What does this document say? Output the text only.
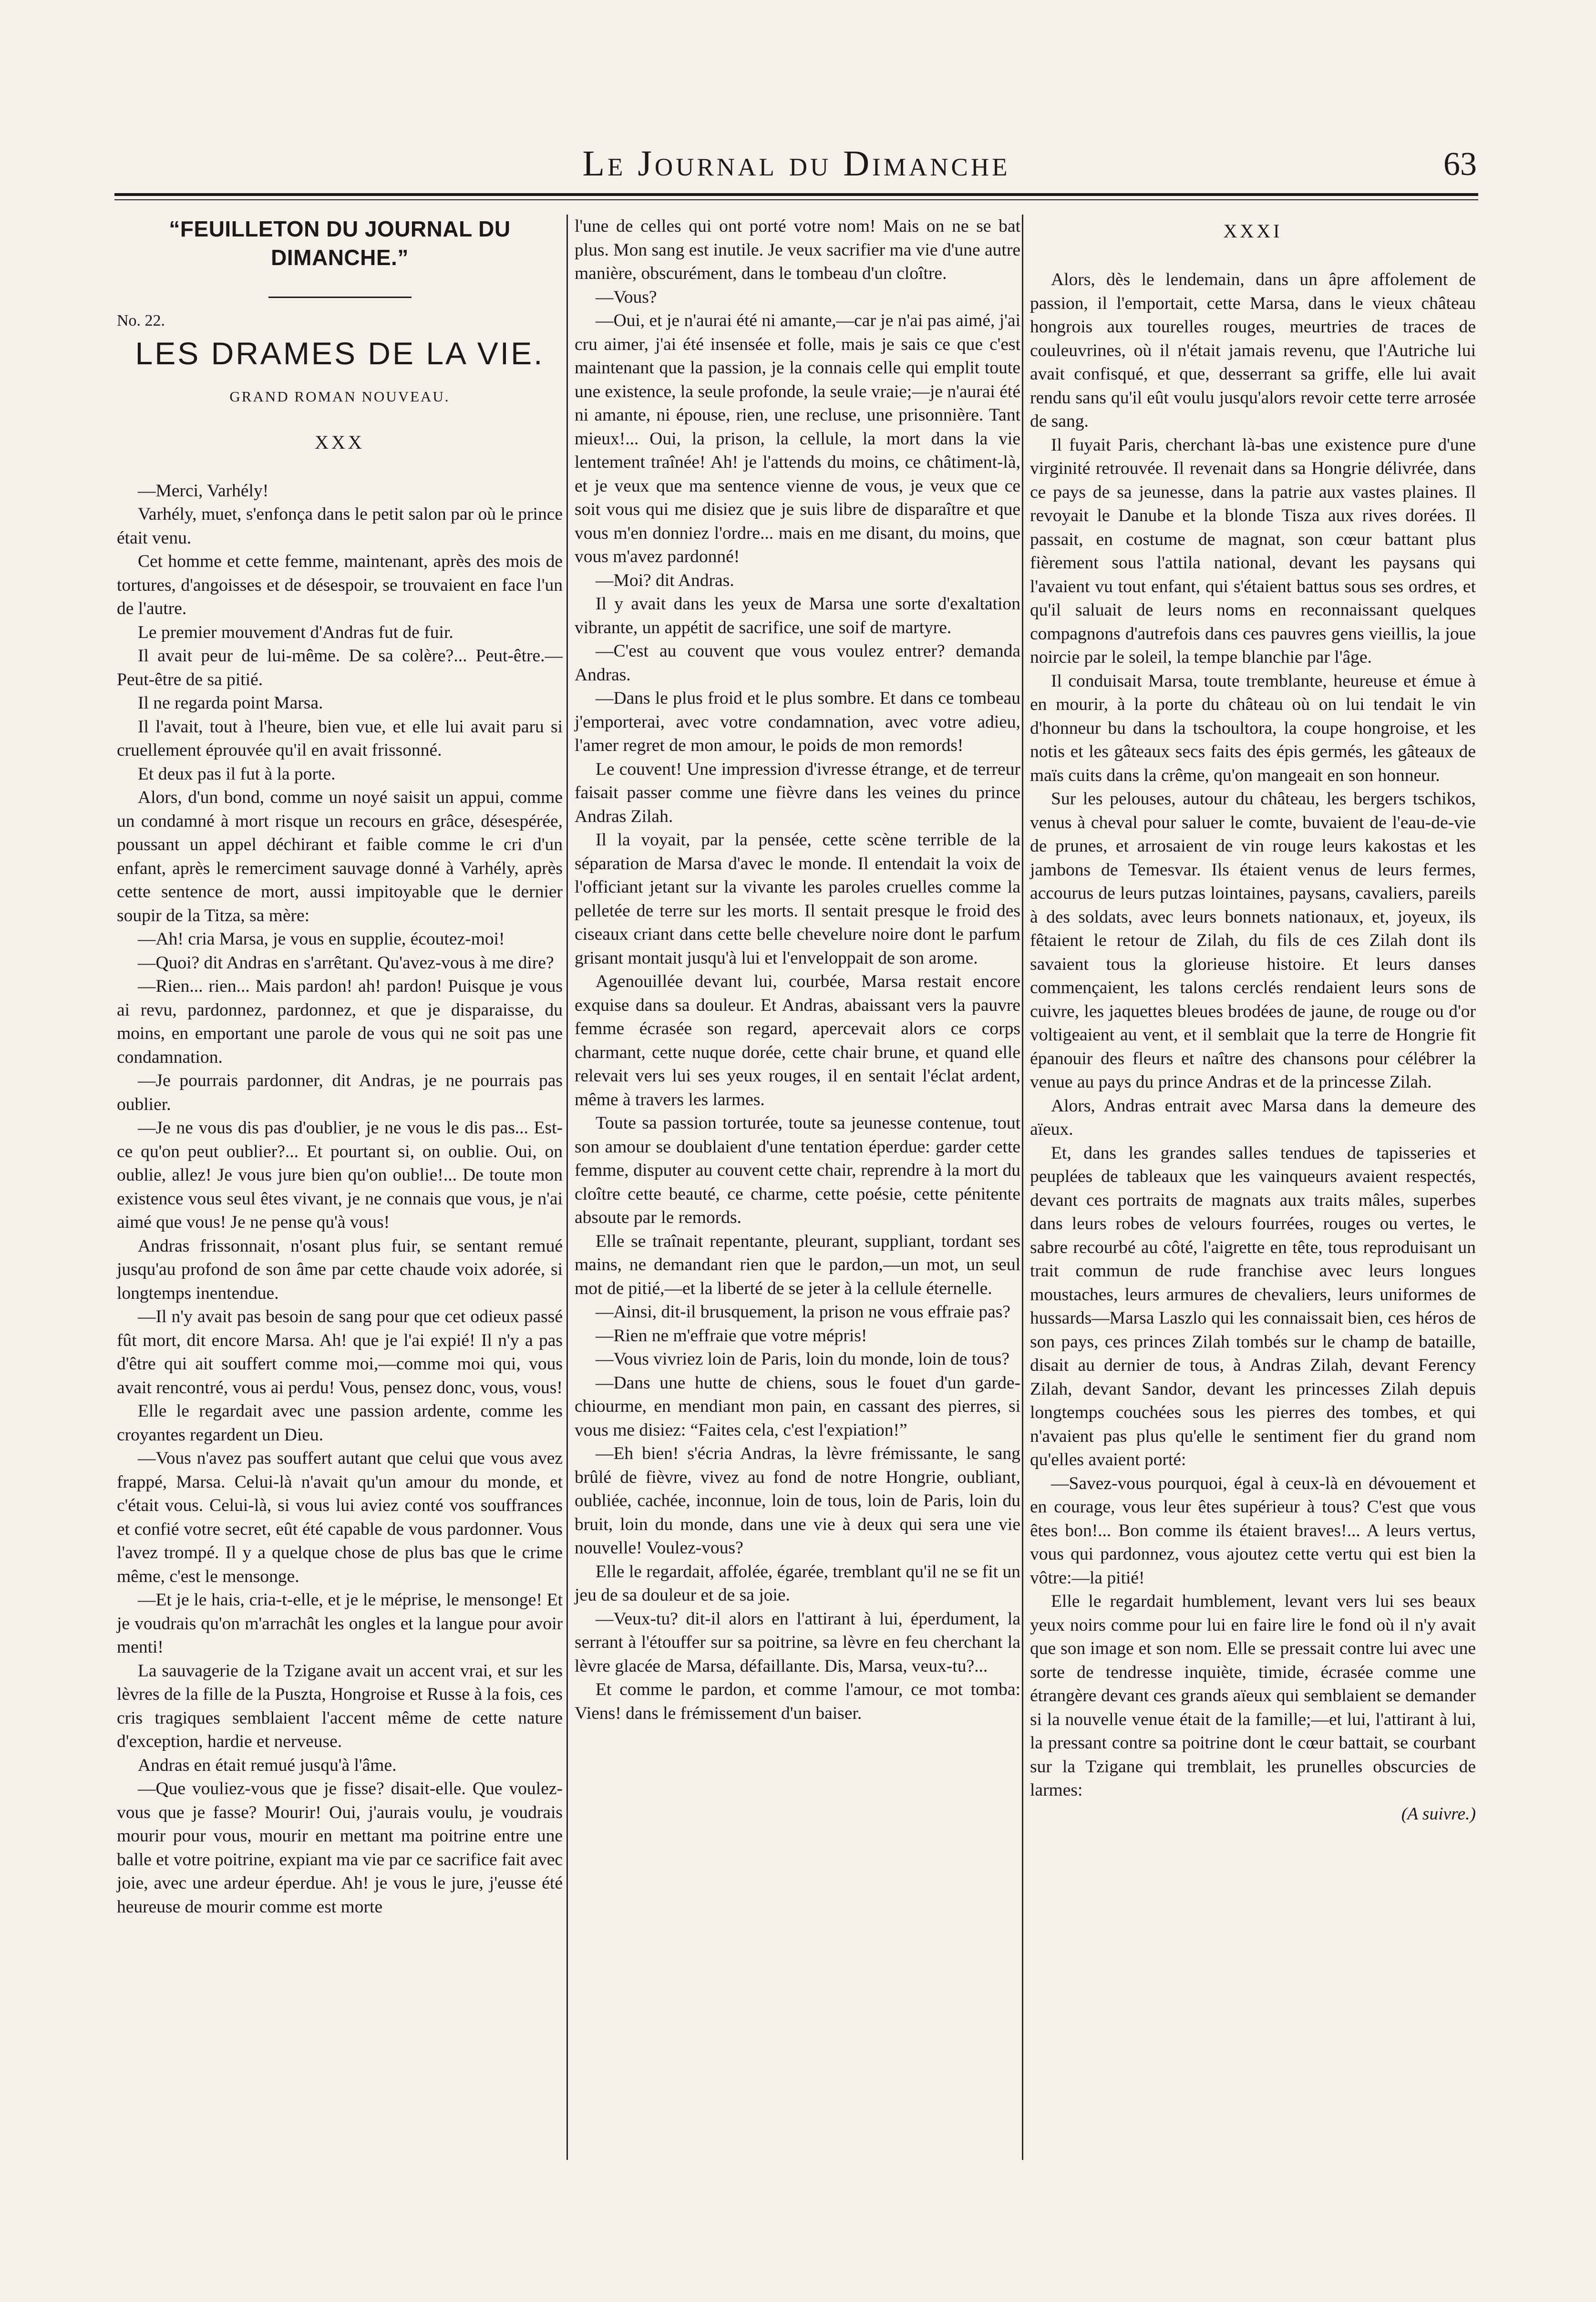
Le Journal du Dimanche	63
“FEUILLETON DU JOURNAL DU DIMANCHE.”

No. 22.

LES DRAMES DE LA VIE.
GRAND ROMAN NOUVEAU.
XXX

—Merci, Varhély!

Varhély, muet, s'enfonça dans le petit salon par où le prince était venu.

Cet homme et cette femme, maintenant, après des mois de tortures, d'angoisses et de désespoir, se trouvaient en face l'un de l'autre.

Le premier mouvement d'Andras fut de fuir.

Il avait peur de lui-même. De sa colère?... Peut-être.—Peut-être de sa pitié.

Il ne regarda point Marsa.

Il l'avait, tout à l'heure, bien vue, et elle lui avait paru si cruellement éprouvée qu'il en avait frissonné.

Et deux pas il fut à la porte.

Alors, d'un bond, comme un noyé saisit un appui, comme un condamné à mort risque un recours en grâce, désespérée, poussant un appel déchirant et faible comme le cri d'un enfant, après le remerciment sauvage donné à Varhély, après cette sentence de mort, aussi impitoyable que le dernier soupir de la Titza, sa mère:

—Ah! cria Marsa, je vous en supplie, écoutez-moi!

—Quoi? dit Andras en s'arrêtant. Qu'avez-vous à me dire?

—Rien... rien... Mais pardon! ah! pardon! Puisque je vous ai revu, pardonnez, pardonnez, et que je disparaisse, du moins, en emportant une parole de vous qui ne soit pas une condamnation.

—Je pourrais pardonner, dit Andras, je ne pourrais pas oublier.

—Je ne vous dis pas d'oublier, je ne vous le dis pas... Est-ce qu'on peut oublier?... Et pourtant si, on oublie. Oui, on oublie, allez! Je vous jure bien qu'on oublie!... De toute mon existence vous seul êtes vivant, je ne connais que vous, je n'ai aimé que vous! Je ne pense qu'à vous!

Andras frissonnait, n'osant plus fuir, se sentant remué jusqu'au profond de son âme par cette chaude voix adorée, si longtemps inentendue.

—Il n'y avait pas besoin de sang pour que cet odieux passé fût mort, dit encore Marsa. Ah! que je l'ai expié! Il n'y a pas d'être qui ait souffert comme moi,—comme moi qui, vous avait rencontré, vous ai perdu! Vous, pensez donc, vous, vous!

Elle le regardait avec une passion ardente, comme les croyantes regardent un Dieu.

—Vous n'avez pas souffert autant que celui que vous avez frappé, Marsa. Celui-là n'avait qu'un amour du monde, et c'était vous. Celui-là, si vous lui aviez conté vos souffrances et confié votre secret, eût été capable de vous pardonner. Vous l'avez trompé. Il y a quelque chose de plus bas que le crime même, c'est le mensonge.

—Et je le hais, cria-t-elle, et je le méprise, le mensonge! Et je voudrais qu'on m'arrachât les ongles et la langue pour avoir menti!

La sauvagerie de la Tzigane avait un accent vrai, et sur les lèvres de la fille de la Puszta, Hongroise et Russe à la fois, ces cris tragiques semblaient l'accent même de cette nature d'exception, hardie et nerveuse.

Andras en était remué jusqu'à l'âme.

—Que vouliez-vous que je fisse? disait-elle. Que voulez-vous que je fasse? Mourir! Oui, j'aurais voulu, je voudrais mourir pour vous, mourir en mettant ma poitrine entre une balle et votre poitrine, expiant ma vie par ce sacrifice fait avec joie, avec une ardeur éperdue. Ah! je vous le jure, j'eusse été heureuse de mourir comme est morte

l'une de celles qui ont porté votre nom! Mais on ne se bat plus. Mon sang est inutile. Je veux sacrifier ma vie d'une autre manière, obscurément, dans le tombeau d'un cloître.

—Vous?

—Oui, et je n'aurai été ni amante,—car je n'ai pas aimé, j'ai cru aimer, j'ai été insensée et folle, mais je sais ce que c'est maintenant que la passion, je la connais celle qui emplit toute une existence, la seule profonde, la seule vraie;—je n'aurai été ni amante, ni épouse, rien, une recluse, une prisonnière. Tant mieux!... Oui, la prison, la cellule, la mort dans la vie lentement traînée! Ah! je l'attends du moins, ce châtiment-là, et je veux que ma sentence vienne de vous, je veux que ce soit vous qui me disiez que je suis libre de disparaître et que vous m'en donniez l'ordre... mais en me disant, du moins, que vous m'avez pardonné!

—Moi? dit Andras.

Il y avait dans les yeux de Marsa une sorte d'exaltation vibrante, un appétit de sacrifice, une soif de martyre.

—C'est au couvent que vous voulez entrer? demanda Andras.

—Dans le plus froid et le plus sombre. Et dans ce tombeau j'emporterai, avec votre condamnation, avec votre adieu, l'amer regret de mon amour, le poids de mon remords!

Le couvent! Une impression d'ivresse étrange, et de terreur faisait passer comme une fièvre dans les veines du prince Andras Zilah.

Il la voyait, par la pensée, cette scène terrible de la séparation de Marsa d'avec le monde. Il entendait la voix de l'officiant jetant sur la vivante les paroles cruelles comme la pelletée de terre sur les morts. Il sentait presque le froid des ciseaux criant dans cette belle chevelure noire dont le parfum grisant montait jusqu'à lui et l'enveloppait de son arome.

Agenouillée devant lui, courbée, Marsa restait encore exquise dans sa douleur. Et Andras, abaissant vers la pauvre femme écrasée son regard, apercevait alors ce corps charmant, cette nuque dorée, cette chair brune, et quand elle relevait vers lui ses yeux rouges, il en sentait l'éclat ardent, même à travers les larmes.

Toute sa passion torturée, toute sa jeunesse contenue, tout son amour se doublaient d'une tentation éperdue: garder cette femme, disputer au couvent cette chair, reprendre à la mort du cloître cette beauté, ce charme, cette poésie, cette pénitente absoute par le remords.

Elle se traînait repentante, pleurant, suppliant, tordant ses mains, ne demandant rien que le pardon,—un mot, un seul mot de pitié,—et la liberté de se jeter à la cellule éternelle.

—Ainsi, dit-il brusquement, la prison ne vous effraie pas?

—Rien ne m'effraie que votre mépris!

—Vous vivriez loin de Paris, loin du monde, loin de tous?

—Dans une hutte de chiens, sous le fouet d'un garde-chiourme, en mendiant mon pain, en cassant des pierres, si vous me disiez: “Faites cela, c'est l'expiation!”

—Eh bien! s'écria Andras, la lèvre frémissante, le sang brûlé de fièvre, vivez au fond de notre Hongrie, oubliant, oubliée, cachée, inconnue, loin de tous, loin de Paris, loin du bruit, loin du monde, dans une vie à deux qui sera une vie nouvelle! Voulez-vous?

Elle le regardait, affolée, égarée, tremblant qu'il ne se fit un jeu de sa douleur et de sa joie.

—Veux-tu? dit-il alors en l'attirant à lui, éperdument, la serrant à l'étouffer sur sa poitrine, sa lèvre en feu cherchant la lèvre glacée de Marsa, défaillante. Dis, Marsa, veux-tu?...

Et comme le pardon, et comme l'amour, ce mot tomba: Viens! dans le frémissement d'un baiser.

XXXI

Alors, dès le lendemain, dans un âpre affolement de passion, il l'emportait, cette Marsa, dans le vieux château hongrois aux tourelles rouges, meurtries de traces de couleuvrines, où il n'était jamais revenu, que l'Autriche lui avait confisqué, et que, desserrant sa griffe, elle lui avait rendu sans qu'il eût voulu jusqu'alors revoir cette terre arrosée de sang.

Il fuyait Paris, cherchant là-bas une existence pure d'une virginité retrouvée. Il revenait dans sa Hongrie délivrée, dans ce pays de sa jeunesse, dans la patrie aux vastes plaines. Il revoyait le Danube et la blonde Tisza aux rives dorées. Il passait, en costume de magnat, son cœur battant plus fièrement sous l'attila national, devant les paysans qui l'avaient vu tout enfant, qui s'étaient battus sous ses ordres, et qu'il saluait de leurs noms en reconnaissant quelques compagnons d'autrefois dans ces pauvres gens vieillis, la joue noircie par le soleil, la tempe blanchie par l'âge.

Il conduisait Marsa, toute tremblante, heureuse et émue à en mourir, à la porte du château où on lui tendait le vin d'honneur bu dans la tschoultora, la coupe hongroise, et les notis et les gâteaux secs faits des épis germés, les gâteaux de maïs cuits dans la crême, qu'on mangeait en son honneur.

Sur les pelouses, autour du château, les bergers tschikos, venus à cheval pour saluer le comte, buvaient de l'eau-de-vie de prunes, et arrosaient de vin rouge leurs kakostas et les jambons de Temesvar. Ils étaient venus de leurs fermes, accourus de leurs putzas lointaines, paysans, cavaliers, pareils à des soldats, avec leurs bonnets nationaux, et, joyeux, ils fêtaient le retour de Zilah, du fils de ces Zilah dont ils savaient tous la glorieuse histoire. Et leurs danses commençaient, les talons cerclés rendaient leurs sons de cuivre, les jaquettes bleues brodées de jaune, de rouge ou d'or voltigeaient au vent, et il semblait que la terre de Hongrie fit épanouir des fleurs et naître des chansons pour célébrer la venue au pays du prince Andras et de la princesse Zilah.

Alors, Andras entrait avec Marsa dans la demeure des aïeux.

Et, dans les grandes salles tendues de tapisseries et peuplées de tableaux que les vainqueurs avaient respectés, devant ces portraits de magnats aux traits mâles, superbes dans leurs robes de velours fourrées, rouges ou vertes, le sabre recourbé au côté, l'aigrette en tête, tous reproduisant un trait commun de rude franchise avec leurs longues moustaches, leurs armures de chevaliers, leurs uniformes de hussards—Marsa Laszlo qui les connaissait bien, ces héros de son pays, ces princes Zilah tombés sur le champ de bataille, disait au dernier de tous, à Andras Zilah, devant Ferency Zilah, devant Sandor, devant les princesses Zilah depuis longtemps couchées sous les pierres des tombes, et qui n'avaient pas plus qu'elle le sentiment fier du grand nom qu'elles avaient porté:

—Savez-vous pourquoi, égal à ceux-là en dévouement et en courage, vous leur êtes supérieur à tous? C'est que vous êtes bon!... Bon comme ils étaient braves!... A leurs vertus, vous qui pardonnez, vous ajoutez cette vertu qui est bien la vôtre:—la pitié!

Elle le regardait humblement, levant vers lui ses beaux yeux noirs comme pour lui en faire lire le fond où il n'y avait que son image et son nom. Elle se pressait contre lui avec une sorte de tendresse inquiète, timide, écrasée comme une étrangère devant ces grands aïeux qui semblaient se demander si la nouvelle venue était de la famille;—et lui, l'attirant à lui, la pressant contre sa poitrine dont le cœur battait, se courbant sur la Tzigane qui tremblait, les prunelles obscurcies de larmes:

(A suivre.)
